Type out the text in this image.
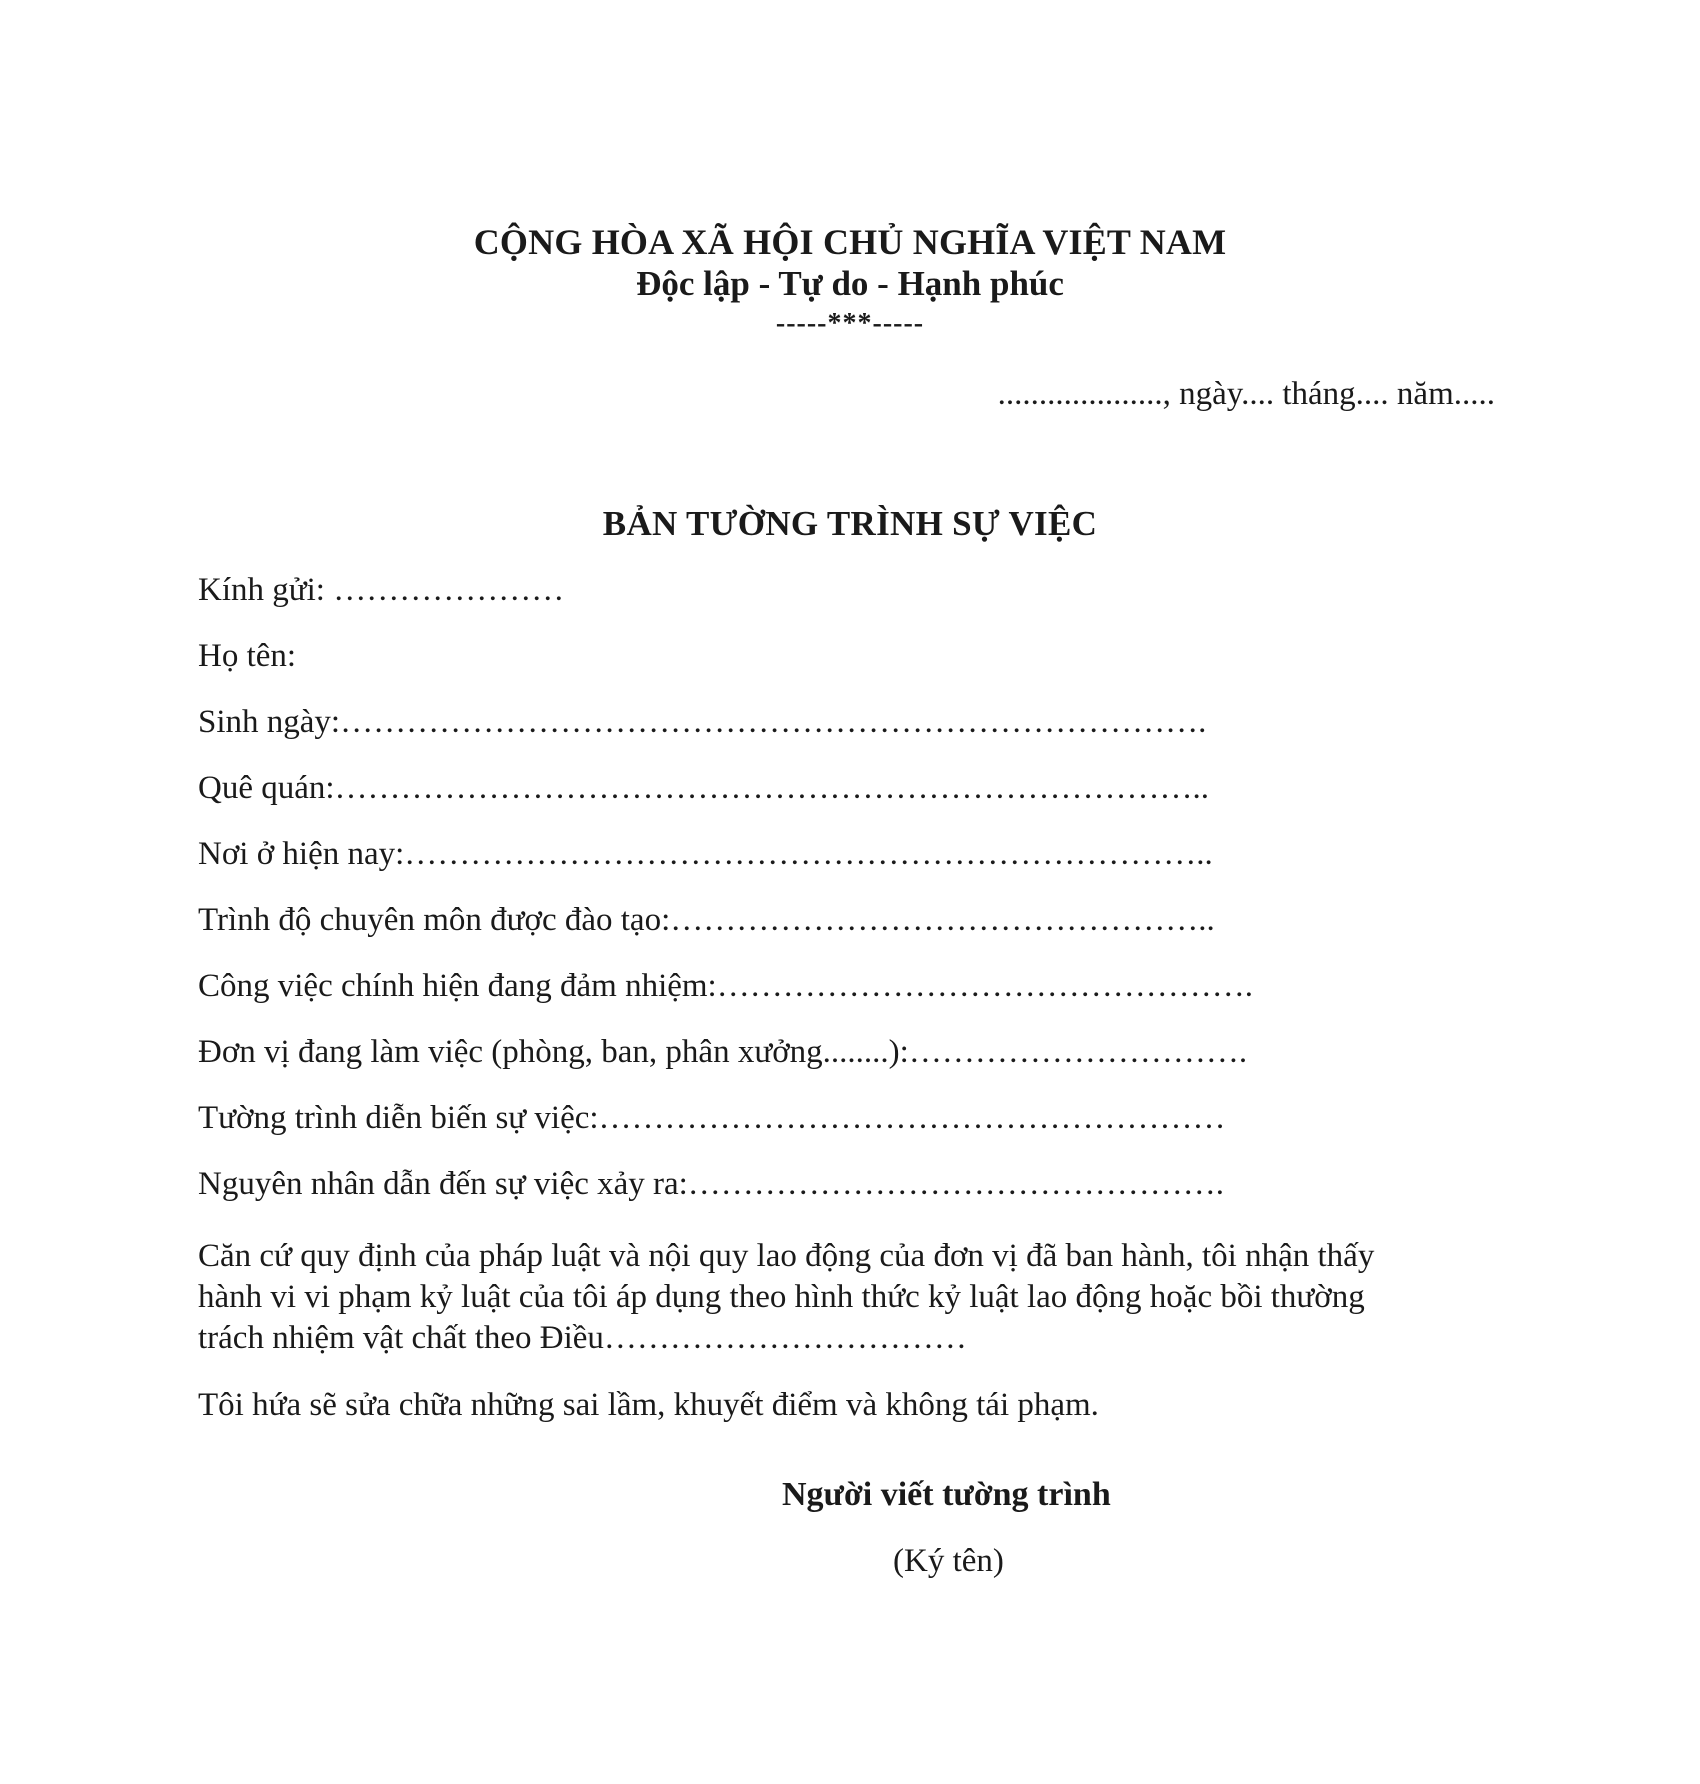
CỘNG HÒA XÃ HỘI CHỦ NGHĨA VIỆT NAM
Độc lập - Tự do - Hạnh phúc
-----***-----
...................., ngày.... tháng.... năm.....
BẢN TƯỜNG TRÌNH SỰ VIỆC
Kính gửi: …………………
Họ tên:
Sinh ngày:…………………………………………………………………….
Quê quán:……………………………………………………………………..
Nơi ở hiện nay:………………………………………………………………..
Trình độ chuyên môn được đào tạo:…………………………………………..
Công việc chính hiện đang đảm nhiệm:………………………………………….
Đơn vị đang làm việc (phòng, ban, phân xưởng........):………………………….
Tường trình diễn biến sự việc:…………………………………………………
Nguyên nhân dẫn đến sự việc xảy ra:………………………………………….
Căn cứ quy định của pháp luật và nội quy lao động của đơn vị đã ban hành, tôi nhận thấy
hành vi vi phạm kỷ luật của tôi áp dụng theo hình thức kỷ luật lao động hoặc bồi thường
trách nhiệm vật chất theo Điều……………………………
Tôi hứa sẽ sửa chữa những sai lầm, khuyết điểm và không tái phạm.
Người viết tường trình
(Ký tên)
